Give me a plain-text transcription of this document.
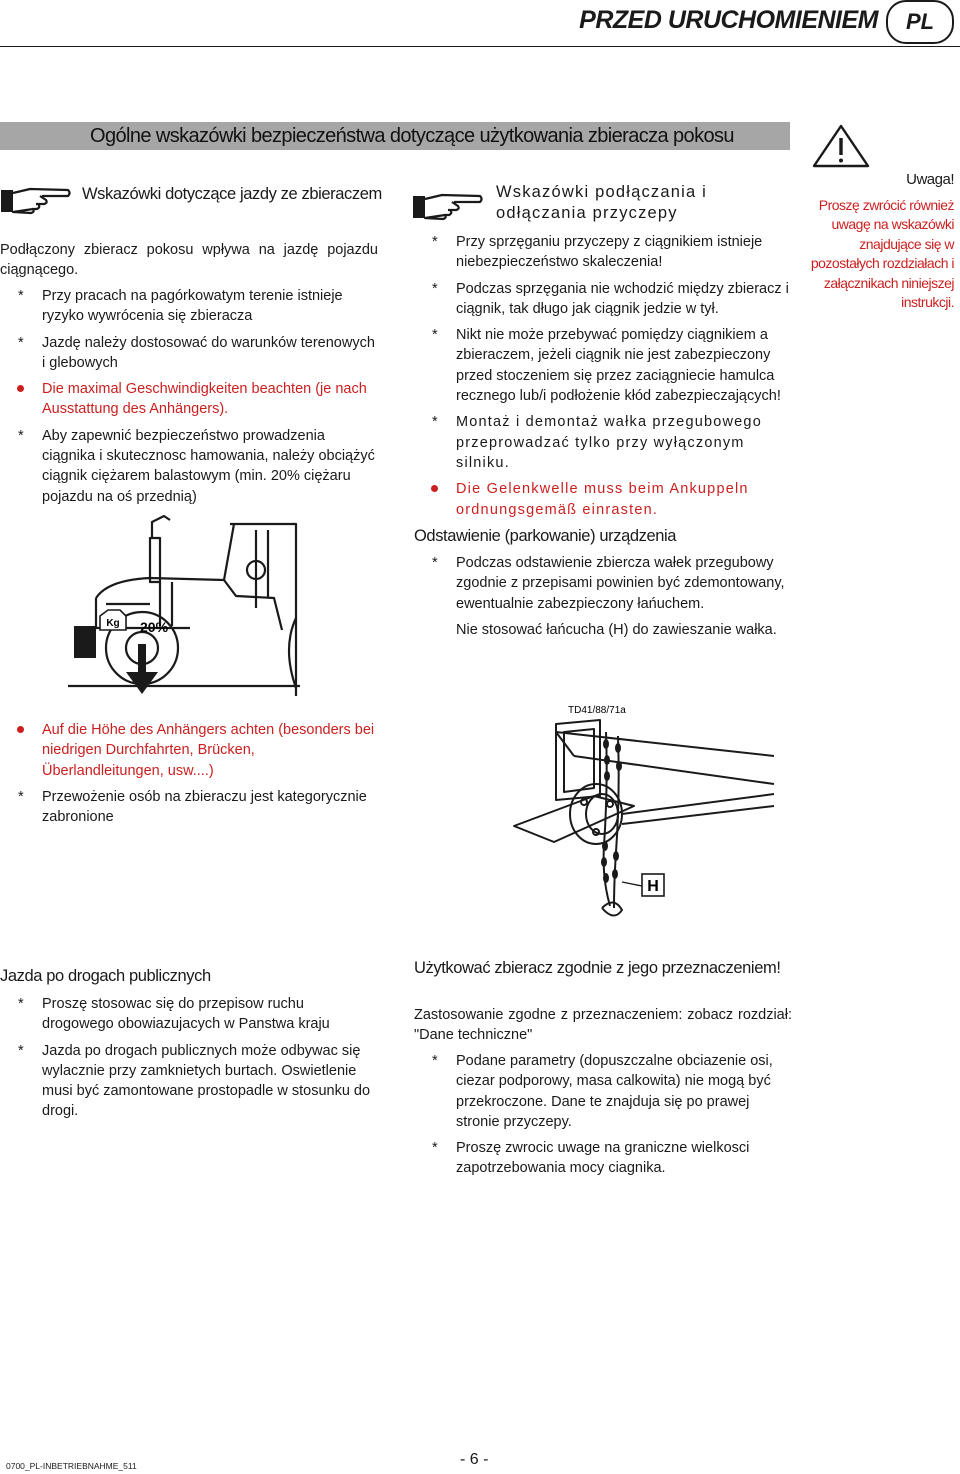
PRZED URUCHOMIENIEM	PL
Ogólne wskazówki bezpieczeństwa dotyczące użytkowania zbieracza pokosu
Uwaga!
Proszę zwrócić również uwagę na wskazówki znajdujące się w pozostałych rozdziałach i załącznikach niniejszej instrukcji.
Wskazówki dotyczące jazdy ze zbieraczem
Podłączony zbieracz pokosu wpływa na jazdę pojazdu ciągnącego.
* Przy pracach na pagórkowatym terenie istnieje ryzyko wywrócenia się zbieracza
* Jazdę należy dostosować do warunków terenowych i glebowych
Die maximal Geschwindigkeiten beachten (je nach Ausstattung des Anhängers).
* Aby zapewnić bezpieczeństwo prowadzenia ciągnika i skutecznosc hamowania, należy obciążyć ciągnik ciężarem balastowym (min. 20% ciężaru pojazdu na oś przednią)
Kg 20%
Auf die Höhe des Anhängers achten (besonders bei niedrigen Durchfahrten, Brücken, Überlandleitungen, usw....)
* Przewożenie osób na zbieraczu jest kategorycznie zabronione
Jazda po drogach publicznych
* Proszę stosowac się do przepisow ruchu drogowego obowiazujacych w Panstwa kraju
* Jazda po drogach publicznych może odbywac się wylacznie przy zamknietych burtach. Oswietlenie musi być zamontowane prostopadle w stosunku do drogi.
Wskazówki podłączania i odłączania przyczepy
* Przy sprzęganiu przyczepy z ciągnikiem istnieje niebezpieczeństwo skaleczenia!
* Podczas sprzęgania nie wchodzić między zbieracz i ciągnik, tak długo jak ciągnik jedzie w tył.
* Nikt nie może przebywać pomiędzy ciągnikiem a zbieraczem, jeżeli ciągnik nie jest zabezpieczony przed stoczeniem się przez zaciągniecie hamulca recznego lub/i podłożenie kłód zabezpieczających!
* Montaż i demontaż wałka przegubowego przeprowadzać tylko przy wyłączonym silniku.
Die Gelenkwelle muss beim Ankuppeln ordnungsgemäß einrasten.
Odstawienie (parkowanie) urządzenia
* Podczas odstawienie zbiercza wałek przegubowy zgodnie z przepisami powinien być zdemontowany, ewentualnie zabezpieczony łańuchem.
Nie stosować łańcucha (H) do zawieszanie wałka.
TD41/88/71a
H
Użytkować zbieracz zgodnie z jego przeznaczeniem!
Zastosowanie zgodne z przeznaczeniem: zobacz rozdział: "Dane techniczne"
* Podane parametry (dopuszczalne obciazenie osi, ciezar podporowy, masa calkowita) nie mogą być przekroczone. Dane te znajduja się po prawej stronie przyczepy.
* Proszę zwrocic uwage na graniczne wielkosci zapotrzebowania mocy ciagnika.
0700_PL-INBETRIEBNAHME_511	- 6 -
